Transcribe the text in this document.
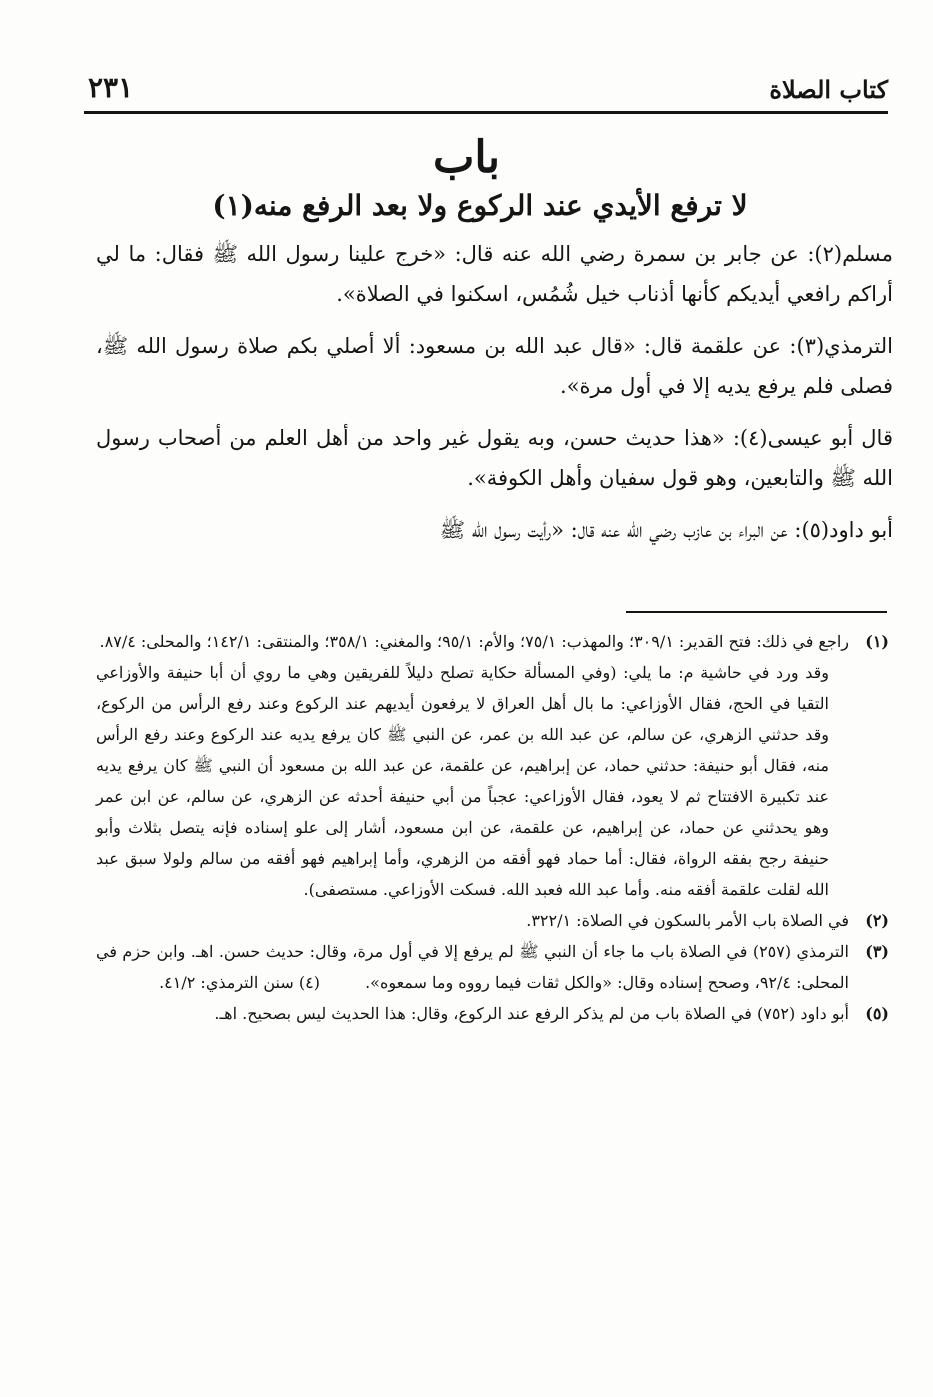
٢٣١	كتاب الصلاة
باب
لا ترفع الأيدي عند الركوع ولا بعد الرفع منه(١)

مسلم(٢): عن جابر بن سمرة رضي الله عنه قال: «خرج علينا رسول الله ﷺ فقال: ما لي أراكم رافعي أيديكم كأنها أذناب خيل شُمُس، اسكنوا في الصلاة».

الترمذي(٣): عن علقمة قال: «قال عبد الله بن مسعود: ألا أصلي بكم صلاة رسول الله ﷺ، فصلى فلم يرفع يديه إلا في أول مرة».

قال أبو عيسى(٤): «هذا حديث حسن، وبه يقول غير واحد من أهل العلم من أصحاب رسول الله ﷺ والتابعين، وهو قول سفيان وأهل الكوفة».

أبو داود(٥): عن البراء بن عازب رضي الله عنه قال: «رأيت رسول الله ﷺ

(١)
راجع في ذلك: فتح القدير: ٣٠٩/١؛ والمهذب: ٧٥/١؛ والأم: ٩٥/١؛ والمغني: ٣٥٨/١؛ والمنتقى: ١٤٢/١؛ والمحلى: ٨٧/٤.

وقد ورد في حاشية م: ما يلي: (وفي المسألة حكاية تصلح دليلاً للفريقين وهي ما روي أن أبا حنيفة والأوزاعي التقيا في الحج، فقال الأوزاعي: ما بال أهل العراق لا يرفعون أيديهم عند الركوع وعند رفع الرأس من الركوع، وقد حدثني الزهري، عن سالم، عن عبد الله بن عمر، عن النبي ﷺ كان يرفع يديه عند الركوع وعند رفع الرأس منه، فقال أبو حنيفة: حدثني حماد، عن إبراهيم، عن علقمة، عن عبد الله بن مسعود أن النبي ﷺ كان يرفع يديه عند تكبيرة الافتتاح ثم لا يعود، فقال الأوزاعي: عجباً من أبي حنيفة أحدثه عن الزهري، عن سالم، عن ابن عمر وهو يحدثني عن حماد، عن إبراهيم، عن علقمة، عن ابن مسعود، أشار إلى علو إسناده فإنه يتصل بثلاث وأبو حنيفة رجح بفقه الرواة، فقال: أما حماد فهو أفقه من الزهري، وأما إبراهيم فهو أفقه من سالم ولولا سبق عبد الله لقلت علقمة أفقه منه. وأما عبد الله فعبد الله. فسكت الأوزاعي. مستصفى).

(٢)
في الصلاة باب الأمر بالسكون في الصلاة: ٣٢٢/١.
(٣)
الترمذي (٢٥٧) في الصلاة باب ما جاء أن النبي ﷺ لم يرفع إلا في أول مرة، وقال: حديث حسن. اهـ. وابن حزم في المحلى: ٩٢/٤، وصحح إسناده وقال: «والكل ثقات فيما رووه وما سمعوه». (٤) سنن الترمذي: ٤١/٢.
(٥)
أبو داود (٧٥٢) في الصلاة باب من لم يذكر الرفع عند الركوع، وقال: هذا الحديث ليس بصحيح. اهـ.
